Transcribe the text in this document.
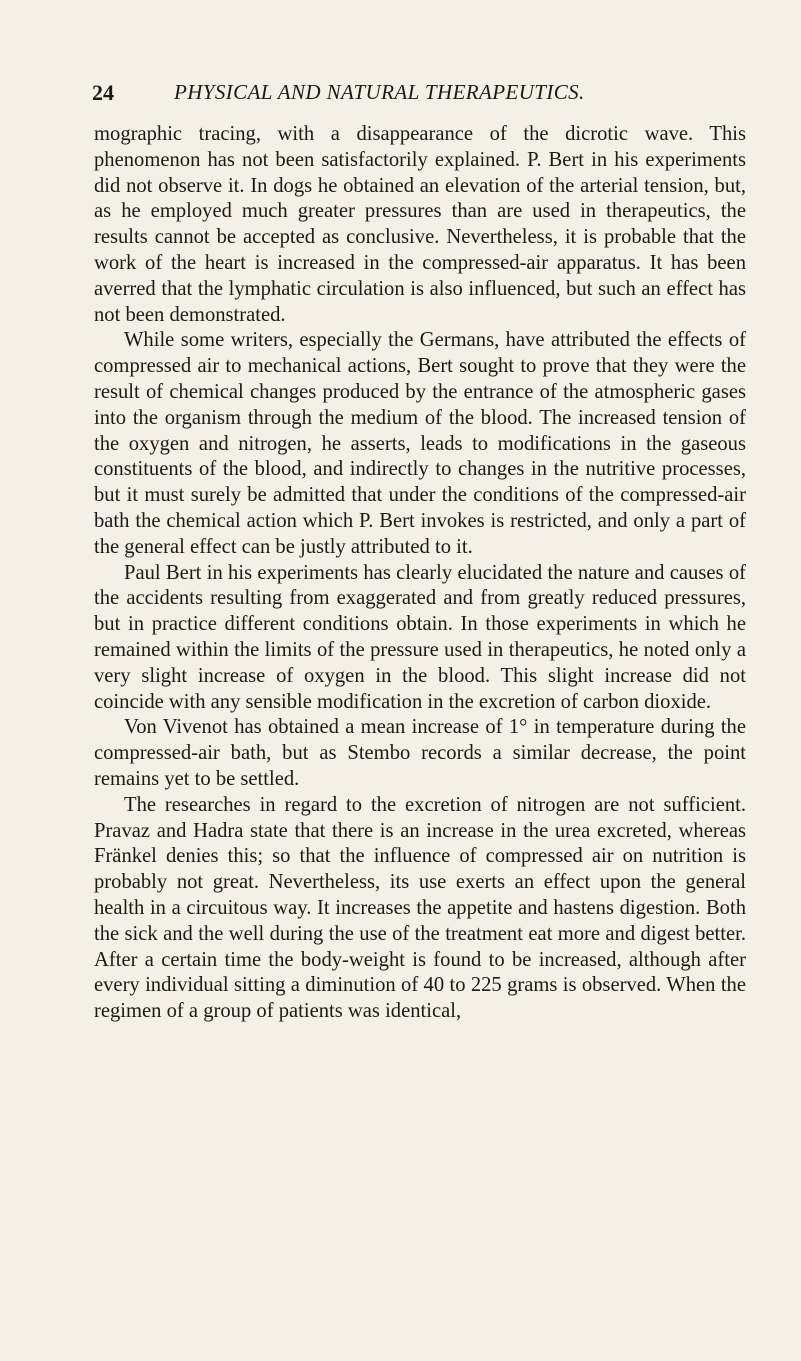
24	PHYSICAL AND NATURAL THERAPEUTICS.

mographic tracing, with a disappearance of the dicrotic wave. This phenomenon has not been satisfactorily explained. P. Bert in his experiments did not observe it. In dogs he obtained an elevation of the arterial tension, but, as he employed much greater pressures than are used in therapeutics, the results cannot be accepted as conclusive. Nevertheless, it is probable that the work of the heart is increased in the compressed-air apparatus. It has been averred that the lymphatic circulation is also influenced, but such an effect has not been demonstrated.

While some writers, especially the Germans, have attributed the effects of compressed air to mechanical actions, Bert sought to prove that they were the result of chemical changes produced by the entrance of the atmospheric gases into the organism through the medium of the blood. The increased tension of the oxygen and nitrogen, he asserts, leads to modifications in the gaseous constituents of the blood, and indirectly to changes in the nutritive processes, but it must surely be admitted that under the conditions of the compressed-air bath the chemical action which P. Bert invokes is restricted, and only a part of the general effect can be justly attributed to it.

Paul Bert in his experiments has clearly elucidated the nature and causes of the accidents resulting from exaggerated and from greatly reduced pressures, but in practice different conditions obtain. In those experiments in which he remained within the limits of the pressure used in therapeutics, he noted only a very slight increase of oxygen in the blood. This slight increase did not coincide with any sensible modification in the excretion of carbon dioxide.

Von Vivenot has obtained a mean increase of 1° in temperature during the compressed-air bath, but as Stembo records a similar decrease, the point remains yet to be settled.

The researches in regard to the excretion of nitrogen are not sufficient. Pravaz and Hadra state that there is an increase in the urea excreted, whereas Fränkel denies this; so that the influence of compressed air on nutrition is probably not great. Nevertheless, its use exerts an effect upon the general health in a circuitous way. It increases the appetite and hastens digestion. Both the sick and the well during the use of the treatment eat more and digest better. After a certain time the body-weight is found to be increased, although after every individual sitting a diminution of 40 to 225 grams is observed. When the regimen of a group of patients was identical,
